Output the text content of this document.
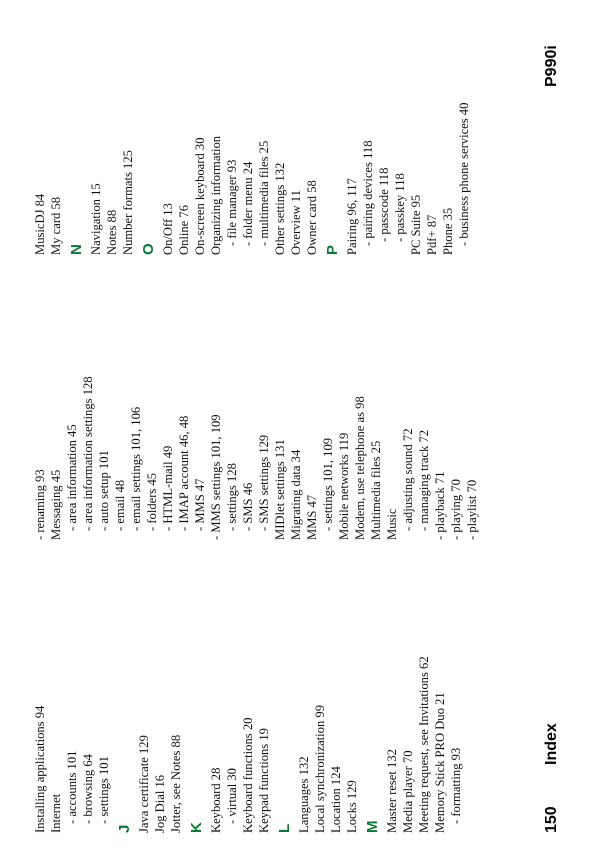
Installing applications 94 Internet - accounts 101 - browsing 64 - settings 101
J Java certificate 129 Jog Dial 16 Jotter, see Notes 88 K Keyboard 28 - virtual 30 Keyboard functions 20 Keypad functions 19 L Languages 132 Local synchronization 99 Location 124 Locks 129 M Master reset 132 Media player 70 Meeting request, see Invitations 62 Memory Stick PRO Duo 21 - formatting 93
- renaming 93 Messaging 45 - area information 45 - area information settings 128 - auto setup 101 - email 48 - email settings 101, 106 - folders 45 - HTML-mail 49 - IMAP account 46, 48 - MMS 47 - MMS settings 101, 109 - settings 128 - SMS 46 - SMS settings 129 MIDlet settings 131 Migrating data 34 MMS 47 - settings 101, 109 Mobile networks 119 Modem, use telephone as 98 Multimedia files 25 Music - adjusting sound 72 - managing track 72 - playback 71 - playing 70 - playlist 70
MusicDJ 84 My card 58 N Navigation 15 Notes 88 Number formats 125 O On/Off 13 Online 76 On-screen keyboard 30 Organizing information - file manager 93 - folder menu 24 - multimedia files 25 Other settings 132 Overview 11 Owner card 58 P Pairing 96, 117 - pairing devices 118 - passcode 118 - passkey 118 PC Suite 95 Pdf+ 87 Phone 35 - business phone services 40
150
Index
P990i
